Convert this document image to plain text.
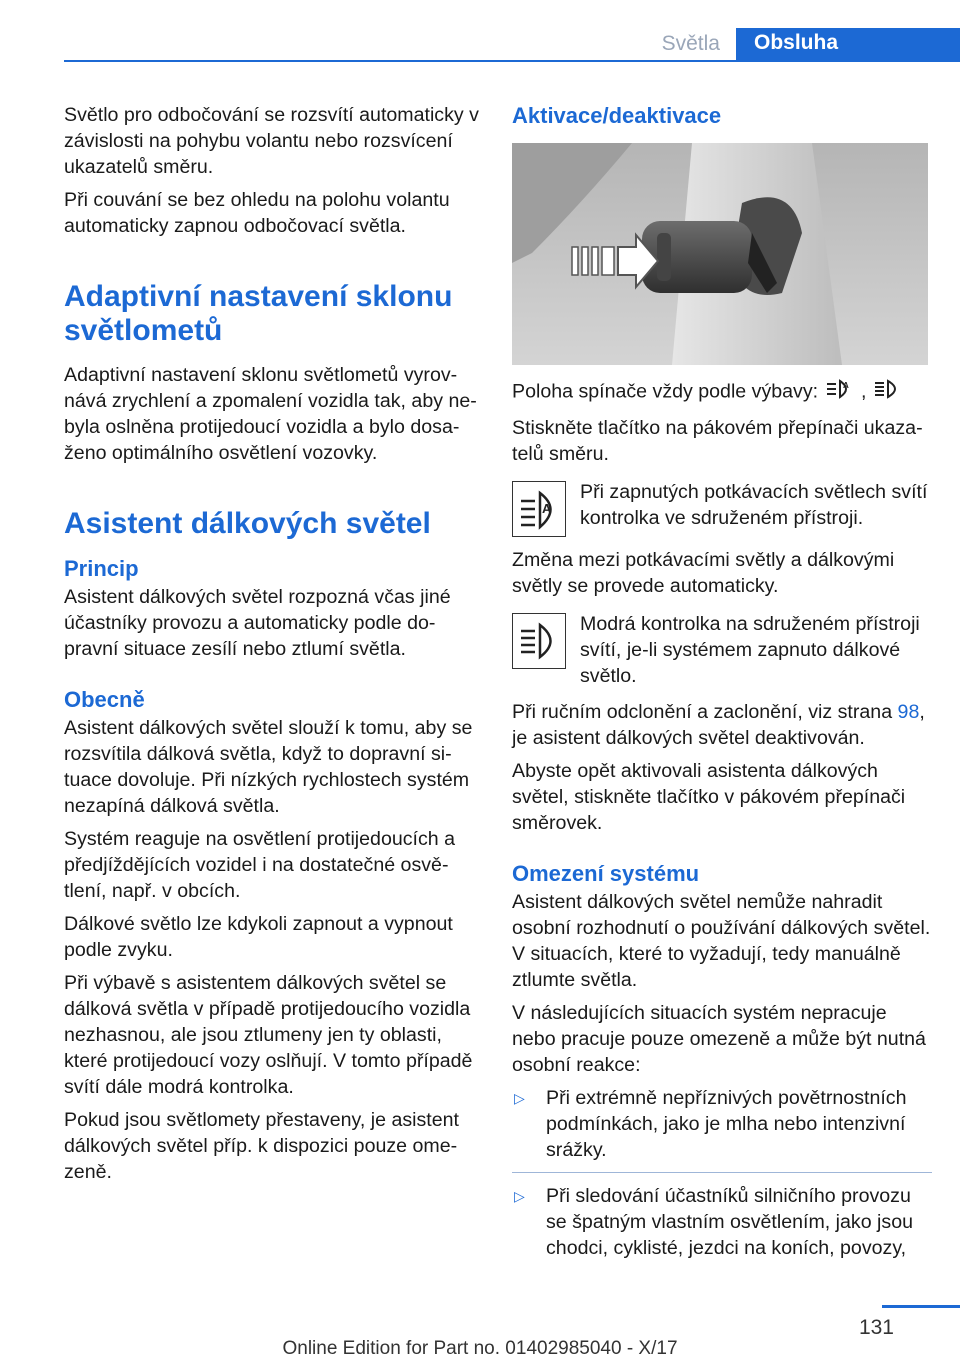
Světla	Obsluha

Světlo pro odbočování se rozsvítí automaticky v závislosti na pohybu volantu nebo rozsvícení ukazatelů směru.

Při couvání se bez ohledu na polohu volantu automaticky zapnou odbočovací světla.

Adaptivní nastavení sklonu světlometů

Adaptivní nastavení sklonu světlometů vyrovnává zrychlení a zpomalení vozidla tak, aby nebyla oslněna protijedoucí vozidla a bylo dosaženo optimálního osvětlení vozovky.

Asistent dálkových světel
Princip

Asistent dálkových světel rozpozná včas jiné účastníky provozu a automaticky podle dopravní situace zesílí nebo ztlumí světla.

Obecně

Asistent dálkových světel slouží k tomu, aby se rozsvítila dálková světla, když to dopravní situace dovoluje. Při nízkých rychlostech systém nezapíná dálková světla.

Systém reaguje na osvětlení protijedoucích a předjíždějících vozidel i na dostatečné osvětlení, např. v obcích.

Dálkové světlo lze kdykoli zapnout a vypnout podle zvyku.

Při výbavě s asistentem dálkových světel se dálková světla v případě protijedoucího vozidla nezhasnou, ale jsou ztlumeny jen ty oblasti, které protijedoucí vozy oslňují. V tomto případě svítí dále modrá kontrolka.

Pokud jsou světlomety přestaveny, je asistent dálkových světel příp. k dispozici pouze omezeně.

Aktivace/deaktivace

Poloha spínače vždy podle výbavy:	A ,

Stiskněte tlačítko na pákovém přepínači ukazatelů směru.

A

Při zapnutých potkávacích světlech svítí kontrolka ve sdruženém přístroji.

Změna mezi potkávacími světly a dálkovými světly se provede automaticky.

Modrá kontrolka na sdruženém přístroji svítí, je-li systémem zapnuto dálkové světlo.

Při ručním odclonění a zaclonění, viz strana 98, je asistent dálkových světel deaktivován.

Abyste opět aktivovali asistenta dálkových světel, stiskněte tlačítko v pákovém přepínači směrovek.

Omezení systému

Asistent dálkových světel nemůže nahradit osobní rozhodnutí o používání dálkových světel. V situacích, které to vyžadují, tedy manuálně ztlumte světla.

V následujících situacích systém nepracuje nebo pracuje pouze omezeně a může být nutná osobní reakce:

▷	Při extrémně nepříznivých povětrnostních podmínkách, jako je mlha nebo intenzivní srážky.

▷	Při sledování účastníků silničního provozu se špatným vlastním osvětlením, jako jsou chodci, cyklisté, jezdci na koních, povozy,

131
Online Edition for Part no. 01402985040 - X/17
